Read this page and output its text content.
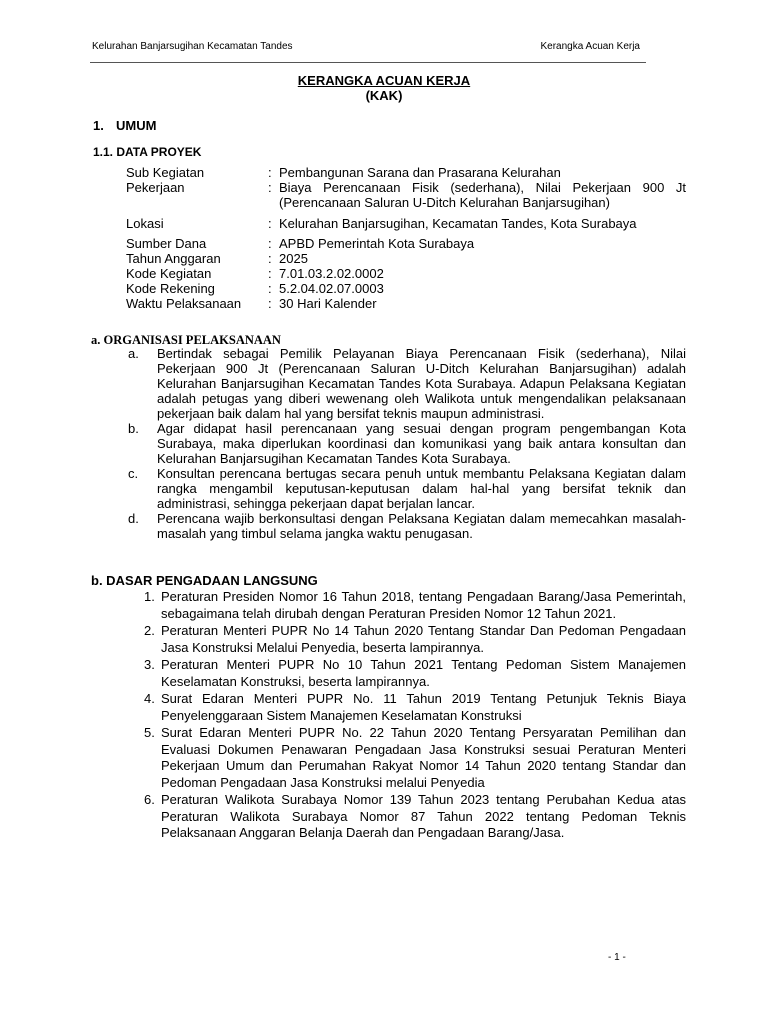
Kelurahan Banjarsugihan Kecamatan Tandes	Kerangka Acuan Kerja
KERANGKA ACUAN KERJA
(KAK)
1. UMUM
1.1. DATA PROYEK
Sub Kegiatan	: Pembangunan Sarana dan Prasarana Kelurahan
Pekerjaan	: Biaya Perencanaan Fisik (sederhana), Nilai Pekerjaan 900 Jt (Perencanaan Saluran U-Ditch Kelurahan Banjarsugihan)
Lokasi	: Kelurahan Banjarsugihan, Kecamatan Tandes, Kota Surabaya
Sumber Dana	: APBD Pemerintah Kota Surabaya
Tahun Anggaran	: 2025
Kode Kegiatan	: 7.01.03.2.02.0002
Kode Rekening	: 5.2.04.02.07.0003
Waktu Pelaksanaan	: 30 Hari Kalender
a. ORGANISASI PELAKSANAAN
a.	Bertindak sebagai Pemilik Pelayanan Biaya Perencanaan Fisik (sederhana), Nilai Pekerjaan 900 Jt (Perencanaan Saluran U-Ditch Kelurahan Banjarsugihan) adalah Kelurahan Banjarsugihan Kecamatan Tandes Kota Surabaya. Adapun Pelaksana Kegiatan adalah petugas yang diberi wewenang oleh Walikota untuk mengendalikan pelaksanaan pekerjaan baik dalam hal yang bersifat teknis maupun administrasi.
b.	Agar didapat hasil perencanaan yang sesuai dengan program pengembangan Kota Surabaya, maka diperlukan koordinasi dan komunikasi yang baik antara konsultan dan Kelurahan Banjarsugihan Kecamatan Tandes Kota Surabaya.
c.	Konsultan perencana bertugas secara penuh untuk membantu Pelaksana Kegiatan dalam rangka mengambil keputusan-keputusan dalam hal-hal yang bersifat teknik dan administrasi, sehingga pekerjaan dapat berjalan lancar.
d.	Perencana wajib berkonsultasi dengan Pelaksana Kegiatan dalam memecahkan masalah-masalah yang timbul selama jangka waktu penugasan.
b. DASAR PENGADAAN LANGSUNG
1. Peraturan Presiden Nomor 16 Tahun 2018, tentang Pengadaan Barang/Jasa Pemerintah, sebagaimana telah dirubah dengan Peraturan Presiden Nomor 12 Tahun 2021.
2. Peraturan Menteri PUPR No 14 Tahun 2020 Tentang Standar Dan Pedoman Pengadaan Jasa Konstruksi Melalui Penyedia, beserta lampirannya.
3. Peraturan Menteri PUPR No 10 Tahun 2021 Tentang Pedoman Sistem Manajemen Keselamatan Konstruksi, beserta lampirannya.
4. Surat Edaran Menteri PUPR No. 11 Tahun 2019 Tentang Petunjuk Teknis Biaya Penyelenggaraan Sistem Manajemen Keselamatan Konstruksi
5. Surat Edaran Menteri PUPR No. 22 Tahun 2020 Tentang Persyaratan Pemilihan dan Evaluasi Dokumen Penawaran Pengadaan Jasa Konstruksi sesuai Peraturan Menteri Pekerjaan Umum dan Perumahan Rakyat Nomor 14 Tahun 2020 tentang Standar dan Pedoman Pengadaan Jasa Konstruksi melalui Penyedia
6. Peraturan Walikota Surabaya Nomor 139 Tahun 2023 tentang Perubahan Kedua atas Peraturan Walikota Surabaya Nomor 87 Tahun 2022 tentang Pedoman Teknis Pelaksanaan Anggaran Belanja Daerah dan Pengadaan Barang/Jasa.
- 1 -
